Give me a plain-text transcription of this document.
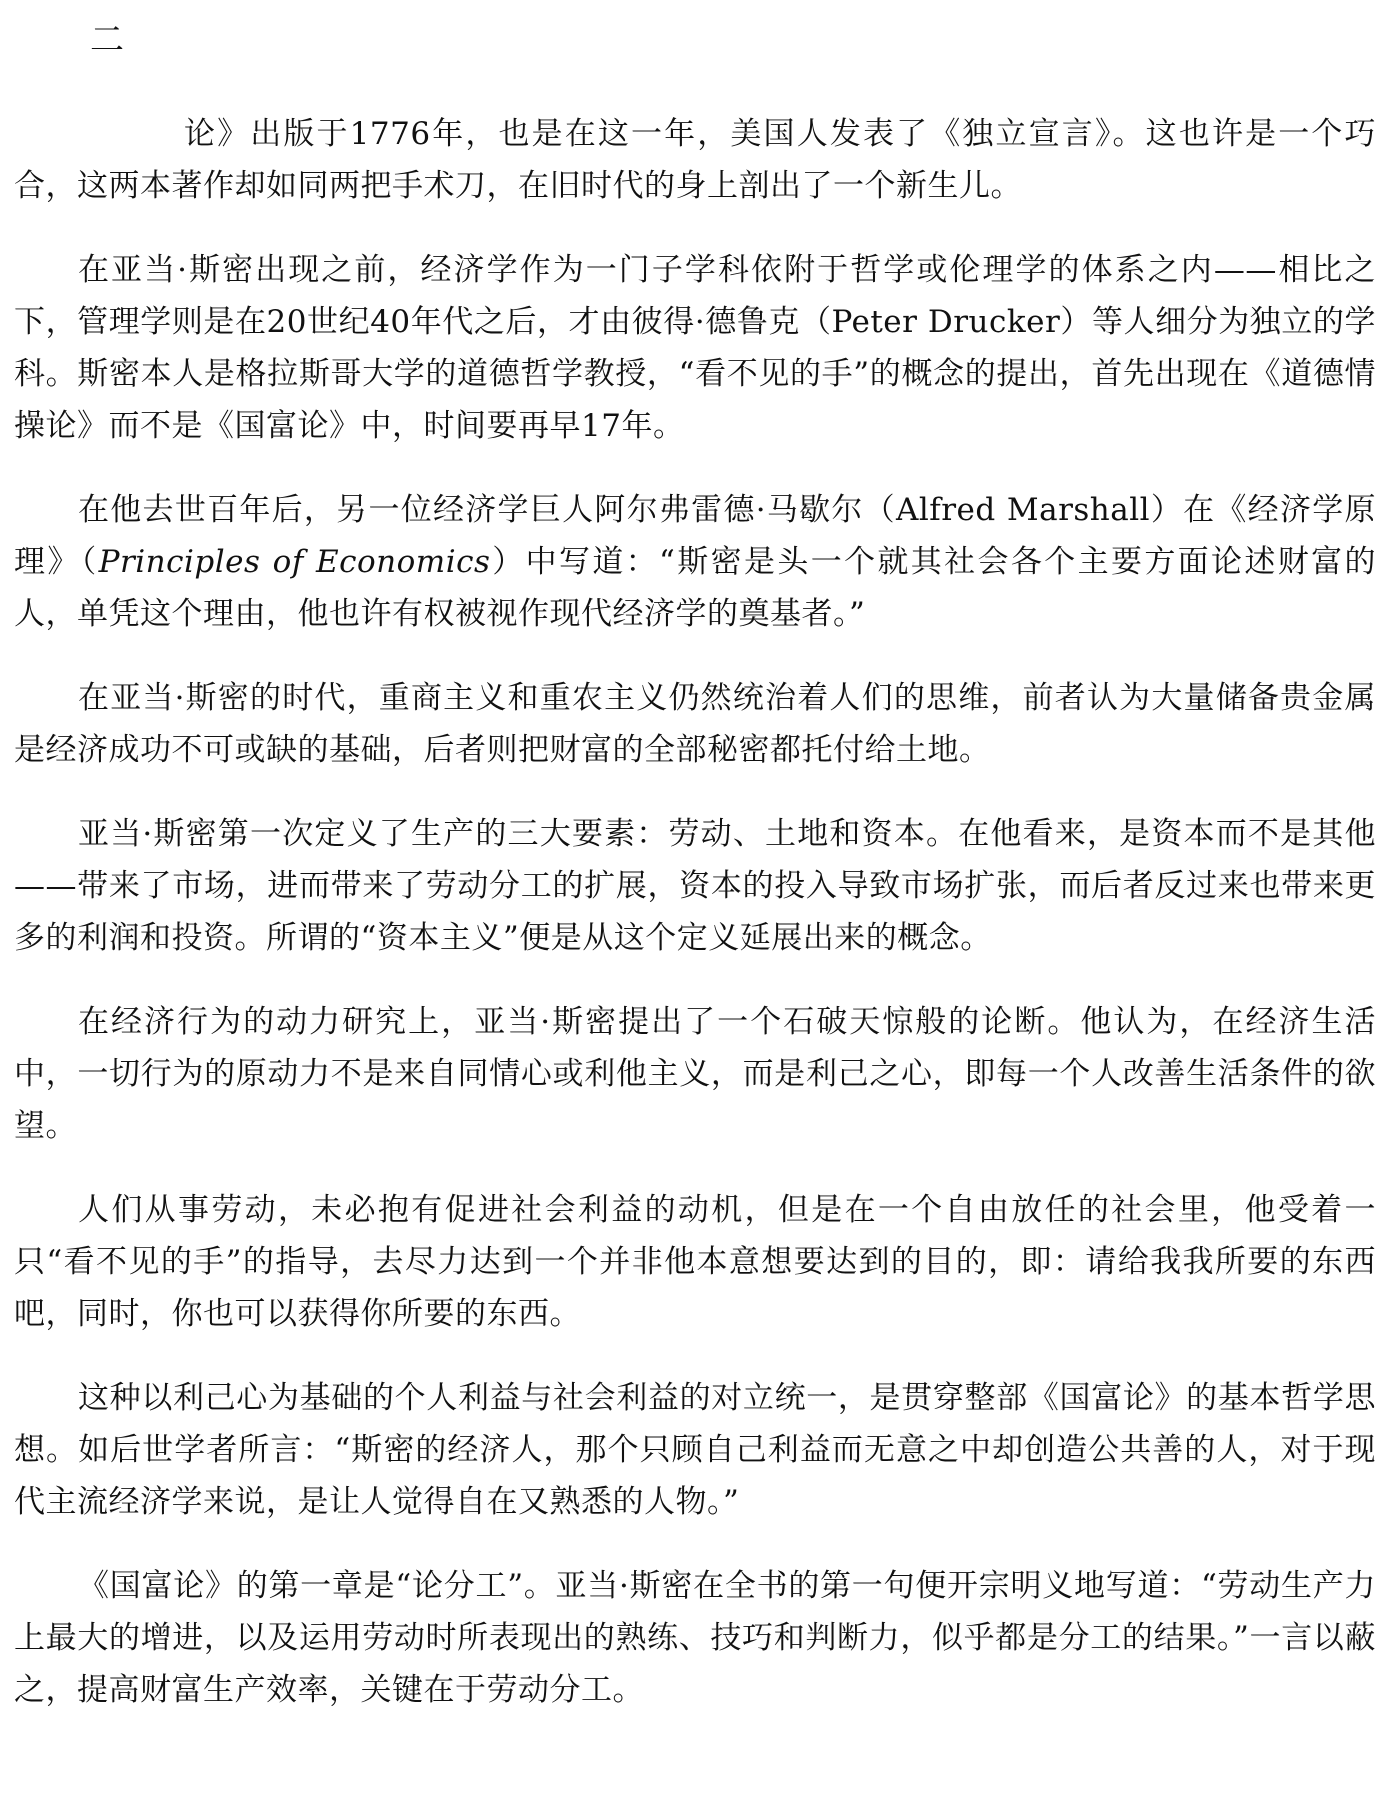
二

论》出版于1776年，也是在这一年，美国人发表了《独立宣言》。这也许是一个巧合，这两本著作却如同两把手术刀，在旧时代的身上剖出了一个新生儿。

在亚当·斯密出现之前，经济学作为一门子学科依附于哲学或伦理学的体系之内——相比之下，管理学则是在20世纪40年代之后，才由彼得·德鲁克（Peter Drucker）等人细分为独立的学科。斯密本人是格拉斯哥大学的道德哲学教授，“看不见的手”的概念的提出，首先出现在《道德情操论》而不是《国富论》中，时间要再早17年。

在他去世百年后，另一位经济学巨人阿尔弗雷德·马歇尔（Alfred Marshall）在《经济学原理》（Principles of Economics）中写道：“斯密是头一个就其社会各个主要方面论述财富的人，单凭这个理由，他也许有权被视作现代经济学的奠基者。”

在亚当·斯密的时代，重商主义和重农主义仍然统治着人们的思维，前者认为大量储备贵金属是经济成功不可或缺的基础，后者则把财富的全部秘密都托付给土地。

亚当·斯密第一次定义了生产的三大要素：劳动、土地和资本。在他看来，是资本而不是其他——带来了市场，进而带来了劳动分工的扩展，资本的投入导致市场扩张，而后者反过来也带来更多的利润和投资。所谓的“资本主义”便是从这个定义延展出来的概念。

在经济行为的动力研究上，亚当·斯密提出了一个石破天惊般的论断。他认为，在经济生活中，一切行为的原动力不是来自同情心或利他主义，而是利己之心，即每一个人改善生活条件的欲望。

人们从事劳动，未必抱有促进社会利益的动机，但是在一个自由放任的社会里，他受着一只“看不见的手”的指导，去尽力达到一个并非他本意想要达到的目的，即：请给我我所要的东西吧，同时，你也可以获得你所要的东西。

这种以利己心为基础的个人利益与社会利益的对立统一，是贯穿整部《国富论》的基本哲学思想。如后世学者所言：“斯密的经济人，那个只顾自己利益而无意之中却创造公共善的人，对于现代主流经济学来说，是让人觉得自在又熟悉的人物。”

《国富论》的第一章是“论分工”。亚当·斯密在全书的第一句便开宗明义地写道：“劳动生产力上最大的增进，以及运用劳动时所表现出的熟练、技巧和判断力，似乎都是分工的结果。”一言以蔽之，提高财富生产效率，关键在于劳动分工。
